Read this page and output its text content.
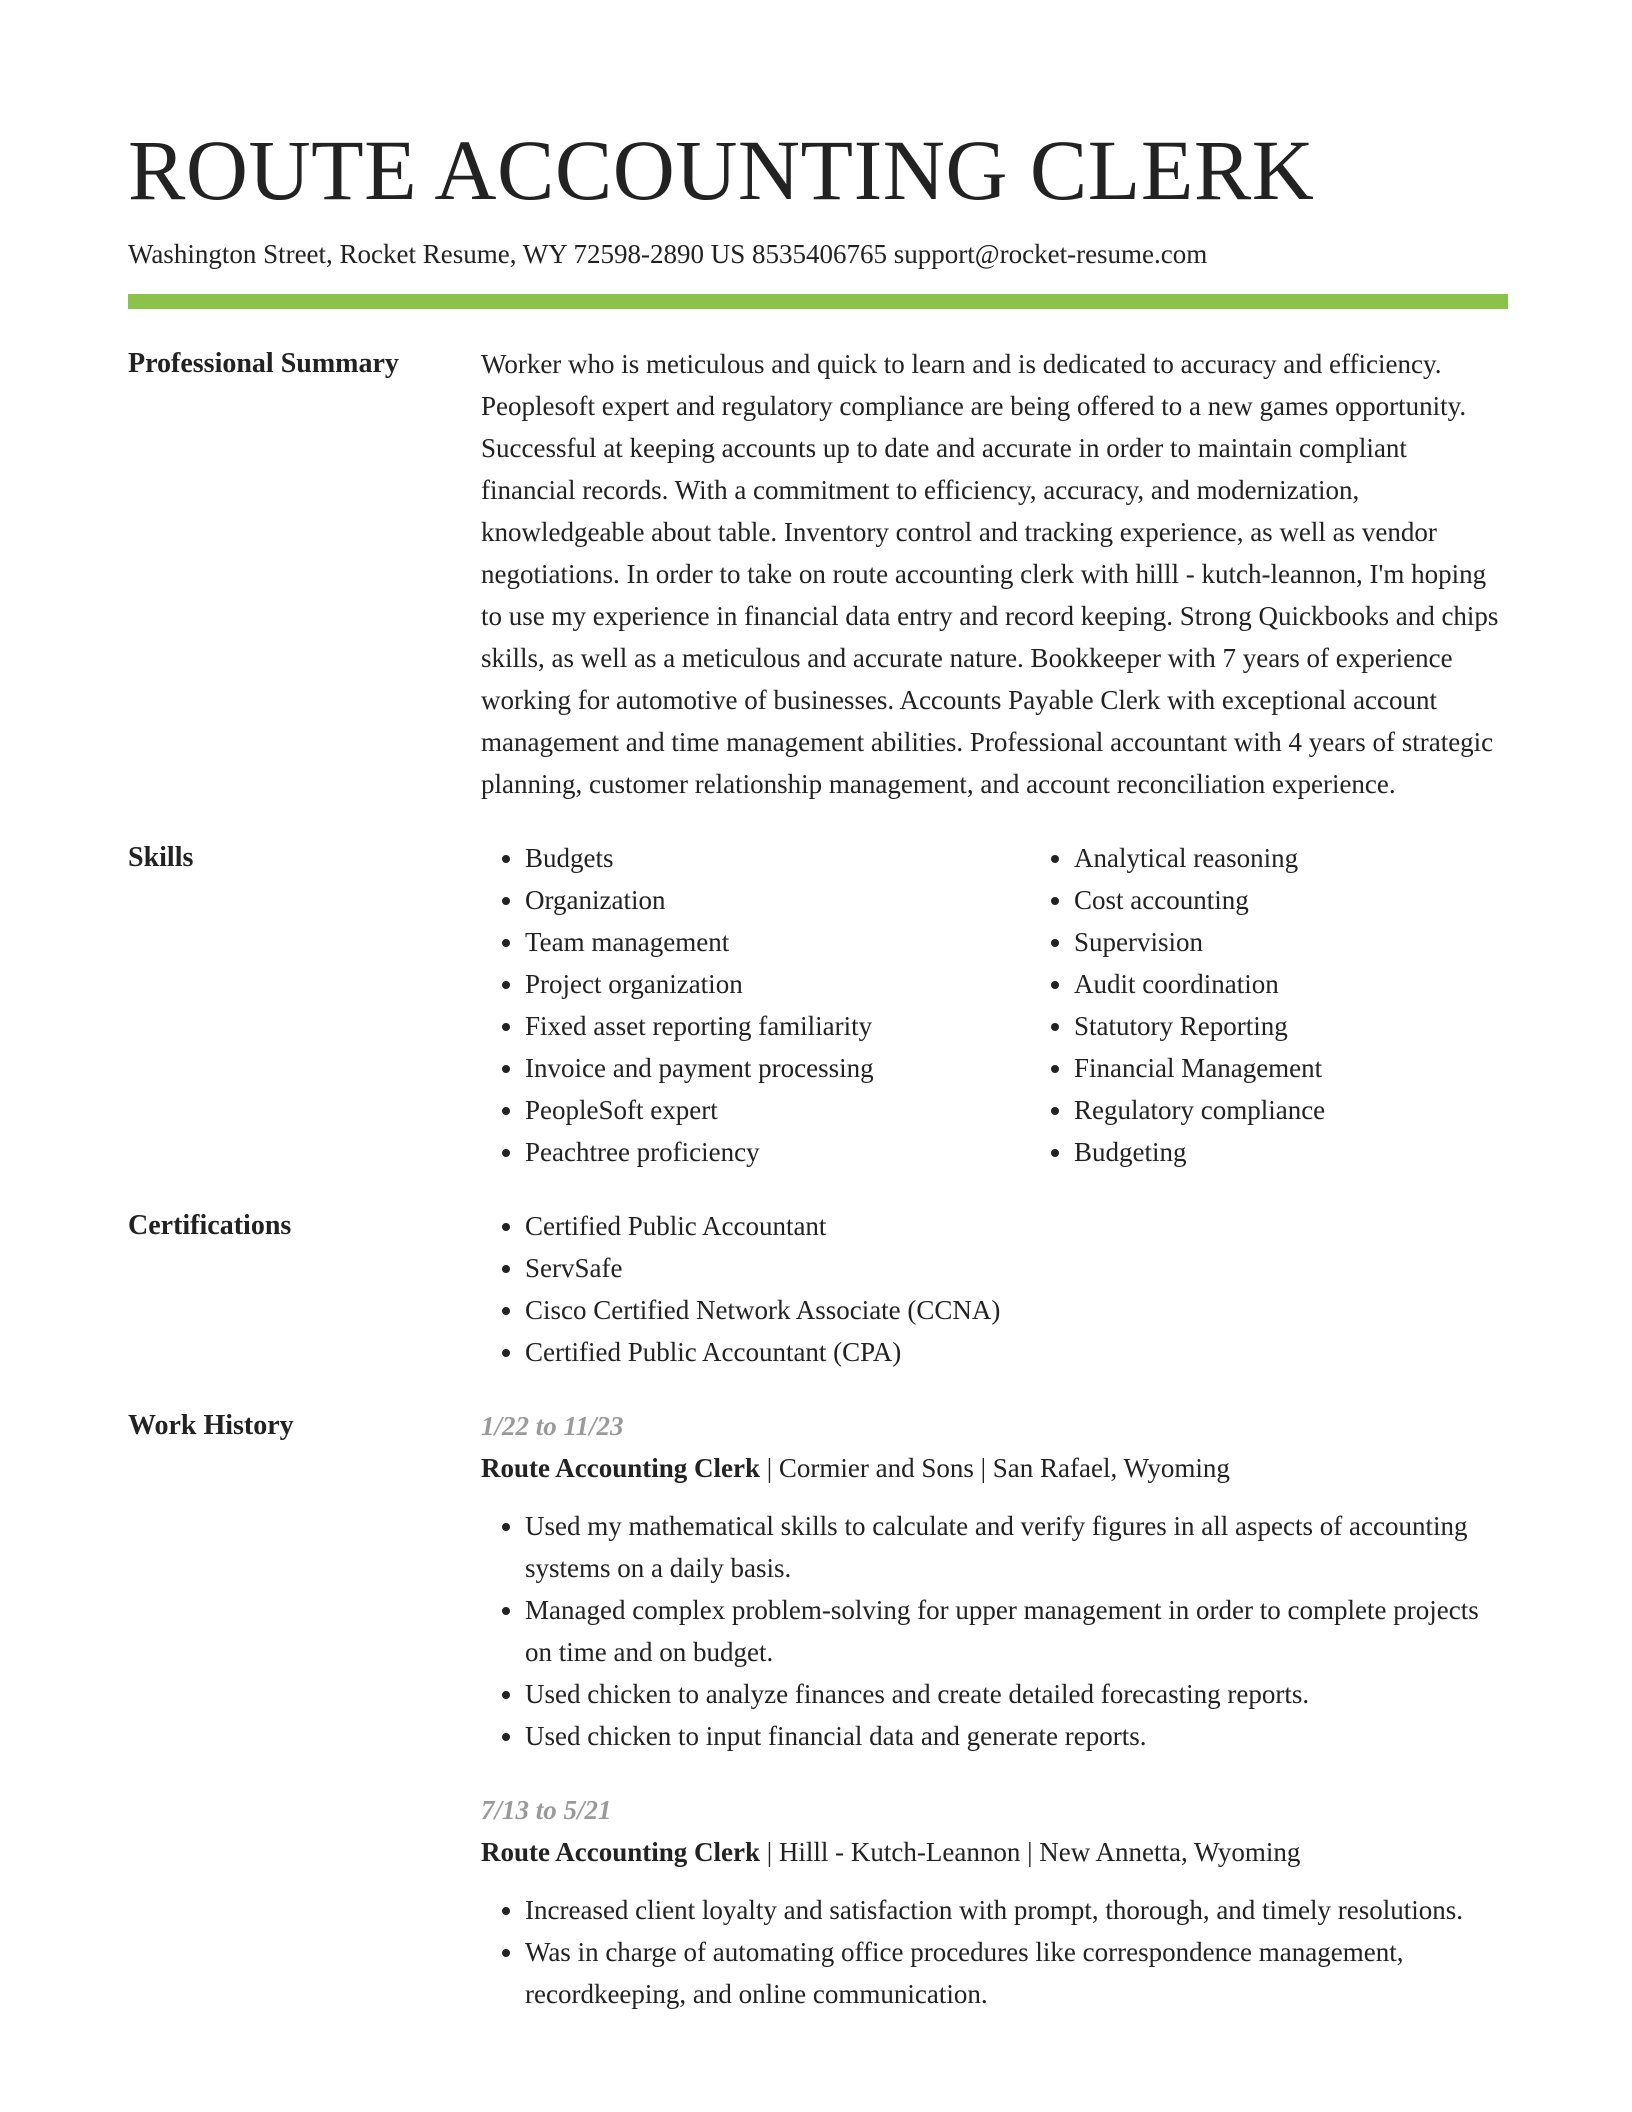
ROUTE ACCOUNTING CLERK
Washington Street, Rocket Resume, WY 72598-2890 US 8535406765 support@rocket-resume.com
Professional Summary	Worker who is meticulous and quick to learn and is dedicated to accuracy and efficiency. Peoplesoft expert and regulatory compliance are being offered to a new games opportunity. Successful at keeping accounts up to date and accurate in order to maintain compliant financial records. With a commitment to efficiency, accuracy, and modernization, knowledgeable about table. Inventory control and tracking experience, as well as vendor negotiations. In order to take on route accounting clerk with hilll - kutch-leannon, I'm hoping to use my experience in financial data entry and record keeping. Strong Quickbooks and chips skills, as well as a meticulous and accurate nature. Bookkeeper with 7 years of experience working for automotive of businesses. Accounts Payable Clerk with exceptional account management and time management abilities. Professional accountant with 4 years of strategic planning, customer relationship management, and account reconciliation experience.

Skills	• Budgets
• Organization
• Team management
• Project organization
• Fixed asset reporting familiarity
• Invoice and payment processing
• PeopleSoft expert
• Peachtree proficiency
• Analytical reasoning
• Cost accounting
• Supervision
• Audit coordination
• Statutory Reporting
• Financial Management
• Regulatory compliance
• Budgeting
Certifications	• Certified Public Accountant
• ServSafe
• Cisco Certified Network Associate (CCNA)
• Certified Public Accountant (CPA)
Work History	1/22 to 11/23
Route Accounting Clerk | Cormier and Sons | San Rafael, Wyoming
• Used my mathematical skills to calculate and verify figures in all aspects of accounting systems on a daily basis.
• Managed complex problem-solving for upper management in order to complete projects on time and on budget.
• Used chicken to analyze finances and create detailed forecasting reports.
• Used chicken to input financial data and generate reports.
7/13 to 5/21
Route Accounting Clerk | Hilll - Kutch-Leannon | New Annetta, Wyoming
• Increased client loyalty and satisfaction with prompt, thorough, and timely resolutions.
• Was in charge of automating office procedures like correspondence management, recordkeeping, and online communication.
